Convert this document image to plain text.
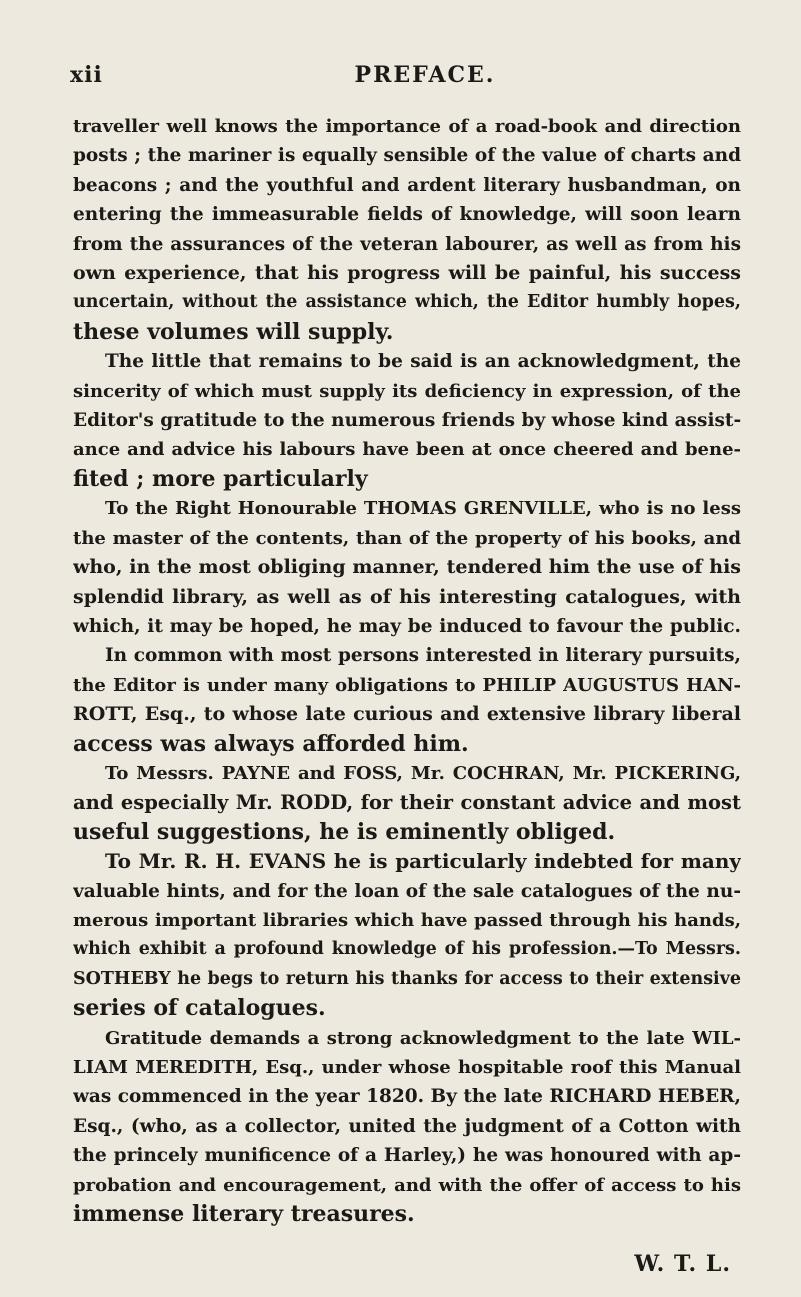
xii	PREFACE.
traveller well knows the importance of a road-book and direction
posts ; the mariner is equally sensible of the value of charts and
beacons ; and the youthful and ardent literary husbandman, on
entering the immeasurable fields of knowledge, will soon learn
from the assurances of the veteran labourer, as well as from his
own experience, that his progress will be painful, his success
uncertain, without the assistance which, the Editor humbly hopes,
these volumes will supply.
The little that remains to be said is an acknowledgment, the
sincerity of which must supply its deficiency in expression, of the
Editor's gratitude to the numerous friends by whose kind assist-
ance and advice his labours have been at once cheered and bene-
fited ; more particularly
To the Right Honourable THOMAS GRENVILLE, who is no less
the master of the contents, than of the property of his books, and
who, in the most obliging manner, tendered him the use of his
splendid library, as well as of his interesting catalogues, with
which, it may be hoped, he may be induced to favour the public.
In common with most persons interested in literary pursuits,
the Editor is under many obligations to PHILIP AUGUSTUS HAN-
ROTT, Esq., to whose late curious and extensive library liberal
access was always afforded him.
To Messrs. PAYNE and FOSS, Mr. COCHRAN, Mr. PICKERING,
and especially Mr. RODD, for their constant advice and most
useful suggestions, he is eminently obliged.
To Mr. R. H. EVANS he is particularly indebted for many
valuable hints, and for the loan of the sale catalogues of the nu-
merous important libraries which have passed through his hands,
which exhibit a profound knowledge of his profession.—To Messrs.
SOTHEBY he begs to return his thanks for access to their extensive
series of catalogues.
Gratitude demands a strong acknowledgment to the late WIL-
LIAM MEREDITH, Esq., under whose hospitable roof this Manual
was commenced in the year 1820. By the late RICHARD HEBER,
Esq., (who, as a collector, united the judgment of a Cotton with
the princely munificence of a Harley,) he was honoured with ap-
probation and encouragement, and with the offer of access to his
immense literary treasures.
W. T. L.
